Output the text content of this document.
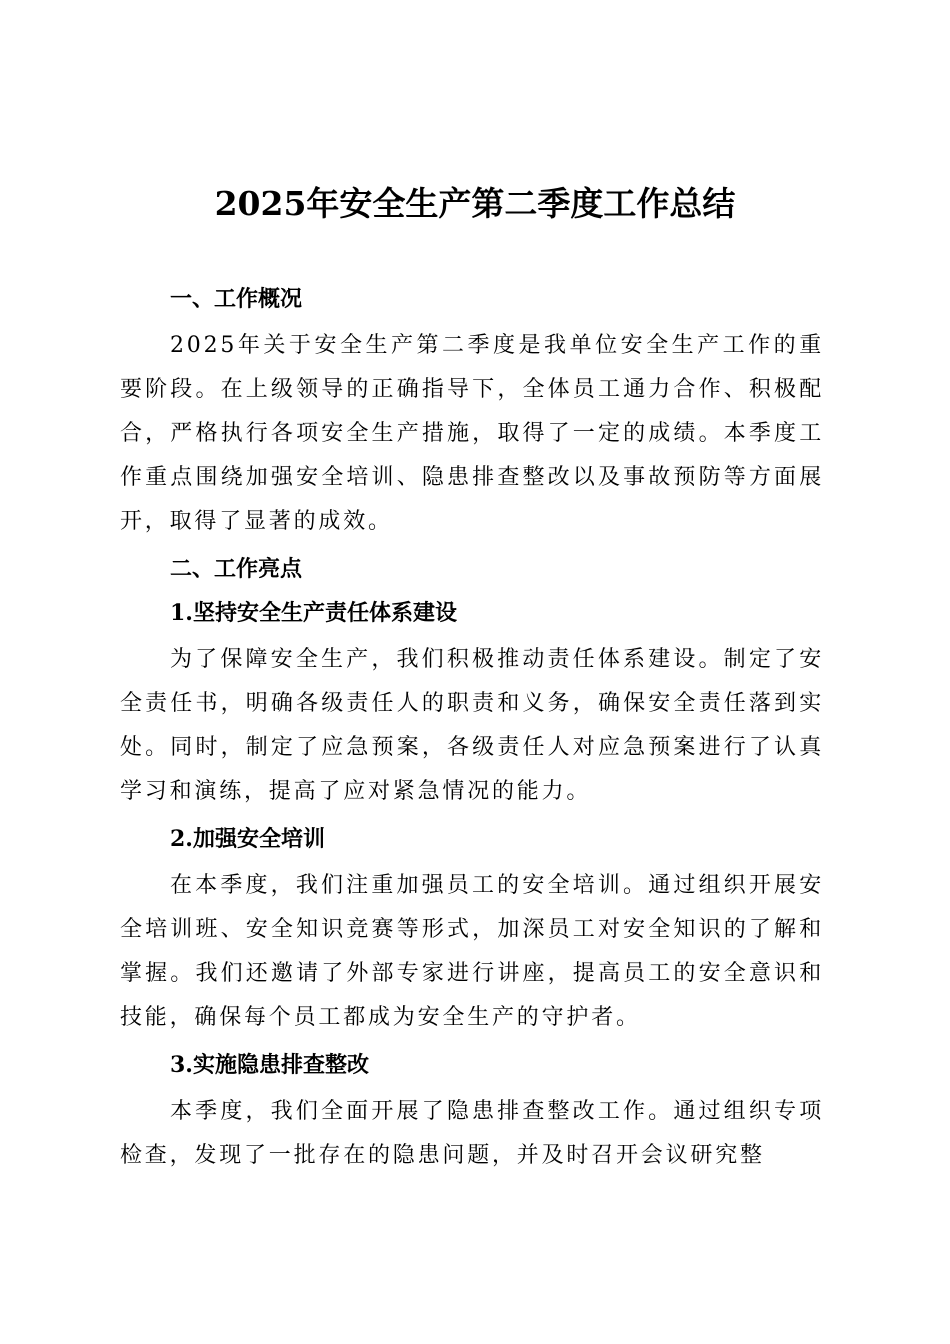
2025年安全生产第二季度工作总结
一、工作概况

2025年关于安全生产第二季度是我单位安全生产工作的重要阶段。在上级领导的正确指导下，全体员工通力合作、积极配合，严格执行各项安全生产措施，取得了一定的成绩。本季度工作重点围绕加强安全培训、隐患排查整改以及事故预防等方面展开，取得了显著的成效。

二、工作亮点
1.坚持安全生产责任体系建设

为了保障安全生产，我们积极推动责任体系建设。制定了安全责任书，明确各级责任人的职责和义务，确保安全责任落到实处。同时，制定了应急预案，各级责任人对应急预案进行了认真学习和演练，提高了应对紧急情况的能力。

2.加强安全培训

在本季度，我们注重加强员工的安全培训。通过组织开展安全培训班、安全知识竞赛等形式，加深员工对安全知识的了解和掌握。我们还邀请了外部专家进行讲座，提高员工的安全意识和技能，确保每个员工都成为安全生产的守护者。

3.实施隐患排查整改

本季度，我们全面开展了隐患排查整改工作。通过组织专项检查，发现了一批存在的隐患问题，并及时召开会议研究整
